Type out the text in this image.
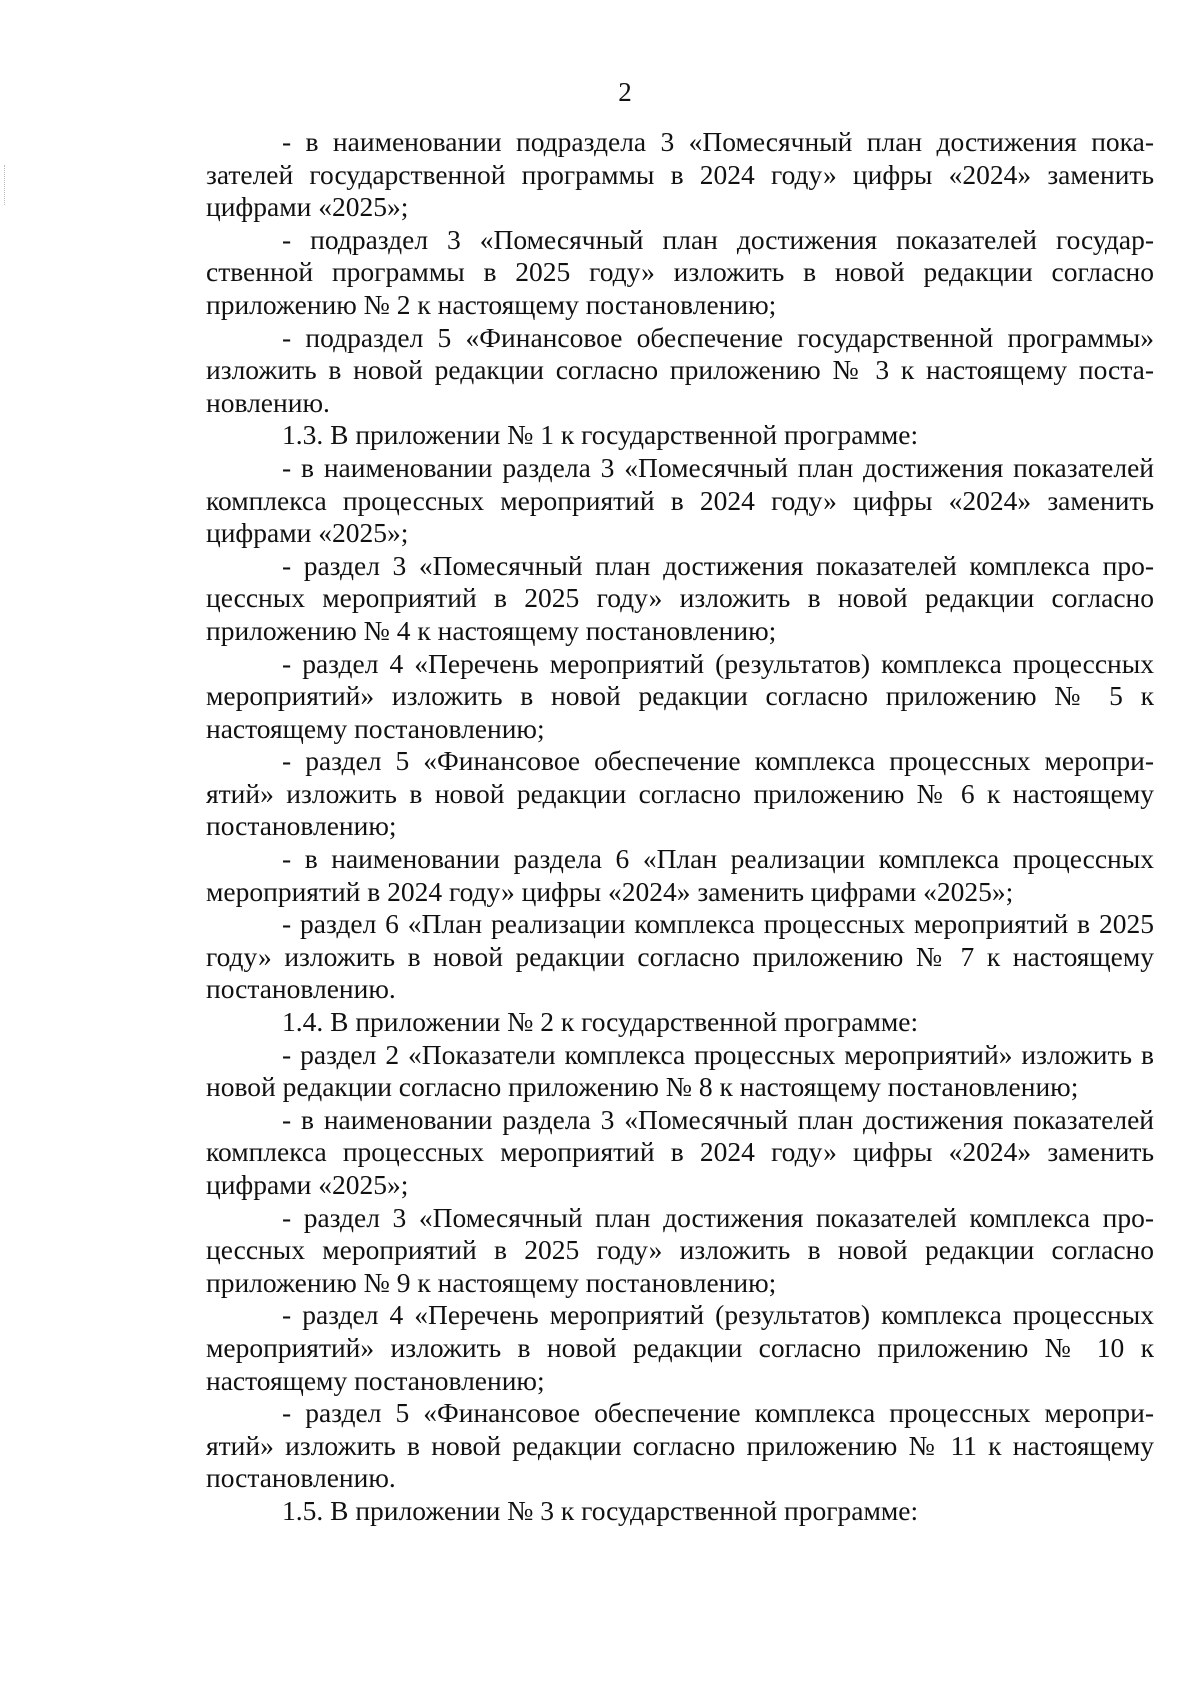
2

- в наименовании подраздела 3 «Помесячный план достижения показателей государственной программы в 2024 году» цифры «2024» заменить цифрами «2025»;

- подраздел 3 «Помесячный план достижения показателей государственной программы в 2025 году» изложить в новой редакции согласно приложению № 2 к настоящему постановлению;

- подраздел 5 «Финансовое обеспечение государственной программы» изложить в новой редакции согласно приложению № 3 к настоящему постановлению.

1.3. В приложении № 1 к государственной программе:

- в наименовании раздела 3 «Помесячный план достижения показателей комплекса процессных мероприятий в 2024 году» цифры «2024» заменить цифрами «2025»;

- раздел 3 «Помесячный план достижения показателей комплекса процессных мероприятий в 2025 году» изложить в новой редакции согласно приложению № 4 к настоящему постановлению;

- раздел 4 «Перечень мероприятий (результатов) комплекса процессных мероприятий» изложить в новой редакции согласно приложению № 5 к настоящему постановлению;

- раздел 5 «Финансовое обеспечение комплекса процессных мероприятий» изложить в новой редакции согласно приложению № 6 к настоящему постановлению;

- в наименовании раздела 6 «План реализации комплекса процессных мероприятий в 2024 году» цифры «2024» заменить цифрами «2025»;

- раздел 6 «План реализации комплекса процессных мероприятий в 2025 году» изложить в новой редакции согласно приложению № 7 к настоящему постановлению.

1.4. В приложении № 2 к государственной программе:

- раздел 2 «Показатели комплекса процессных мероприятий» изложить в новой редакции согласно приложению № 8 к настоящему постановлению;

- в наименовании раздела 3 «Помесячный план достижения показателей комплекса процессных мероприятий в 2024 году» цифры «2024» заменить цифрами «2025»;

- раздел 3 «Помесячный план достижения показателей комплекса процессных мероприятий в 2025 году» изложить в новой редакции согласно приложению № 9 к настоящему постановлению;

- раздел 4 «Перечень мероприятий (результатов) комплекса процессных мероприятий» изложить в новой редакции согласно приложению № 10 к настоящему постановлению;

- раздел 5 «Финансовое обеспечение комплекса процессных мероприятий» изложить в новой редакции согласно приложению № 11 к настоящему постановлению.

1.5. В приложении № 3 к государственной программе:
